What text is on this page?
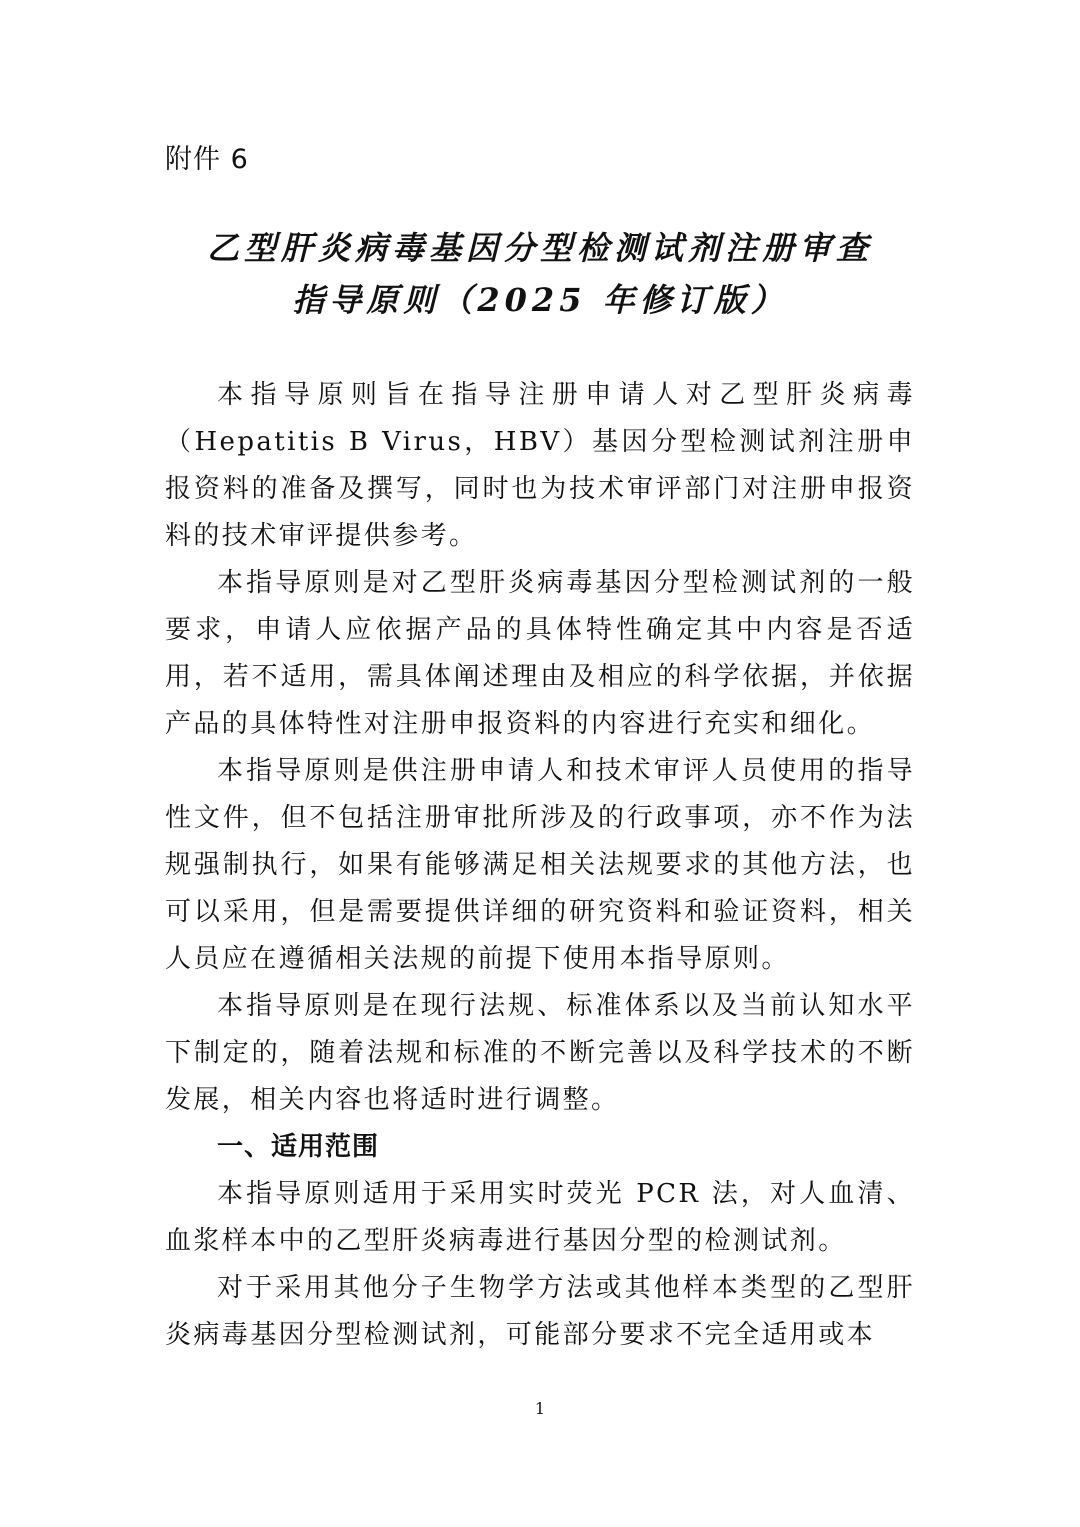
附件 6
乙型肝炎病毒基因分型检测试剂注册审查
指导原则（2025 年修订版）

本指导原则旨在指导注册申请人对乙型肝炎病毒（Hepatitis B Virus，HBV）基因分型检测试剂注册申报资料的准备及撰写，同时也为技术审评部门对注册申报资料的技术审评提供参考。

本指导原则是对乙型肝炎病毒基因分型检测试剂的一般要求，申请人应依据产品的具体特性确定其中内容是否适用，若不适用，需具体阐述理由及相应的科学依据，并依据产品的具体特性对注册申报资料的内容进行充实和细化。

本指导原则是供注册申请人和技术审评人员使用的指导性文件，但不包括注册审批所涉及的行政事项，亦不作为法规强制执行，如果有能够满足相关法规要求的其他方法，也可以采用，但是需要提供详细的研究资料和验证资料，相关人员应在遵循相关法规的前提下使用本指导原则。

本指导原则是在现行法规、标准体系以及当前认知水平下制定的，随着法规和标准的不断完善以及科学技术的不断发展，相关内容也将适时进行调整。

一、适用范围

本指导原则适用于采用实时荧光 PCR 法，对人血清、血浆样本中的乙型肝炎病毒进行基因分型的检测试剂。

对于采用其他分子生物学方法或其他样本类型的乙型肝炎病毒基因分型检测试剂，可能部分要求不完全适用或本

1
